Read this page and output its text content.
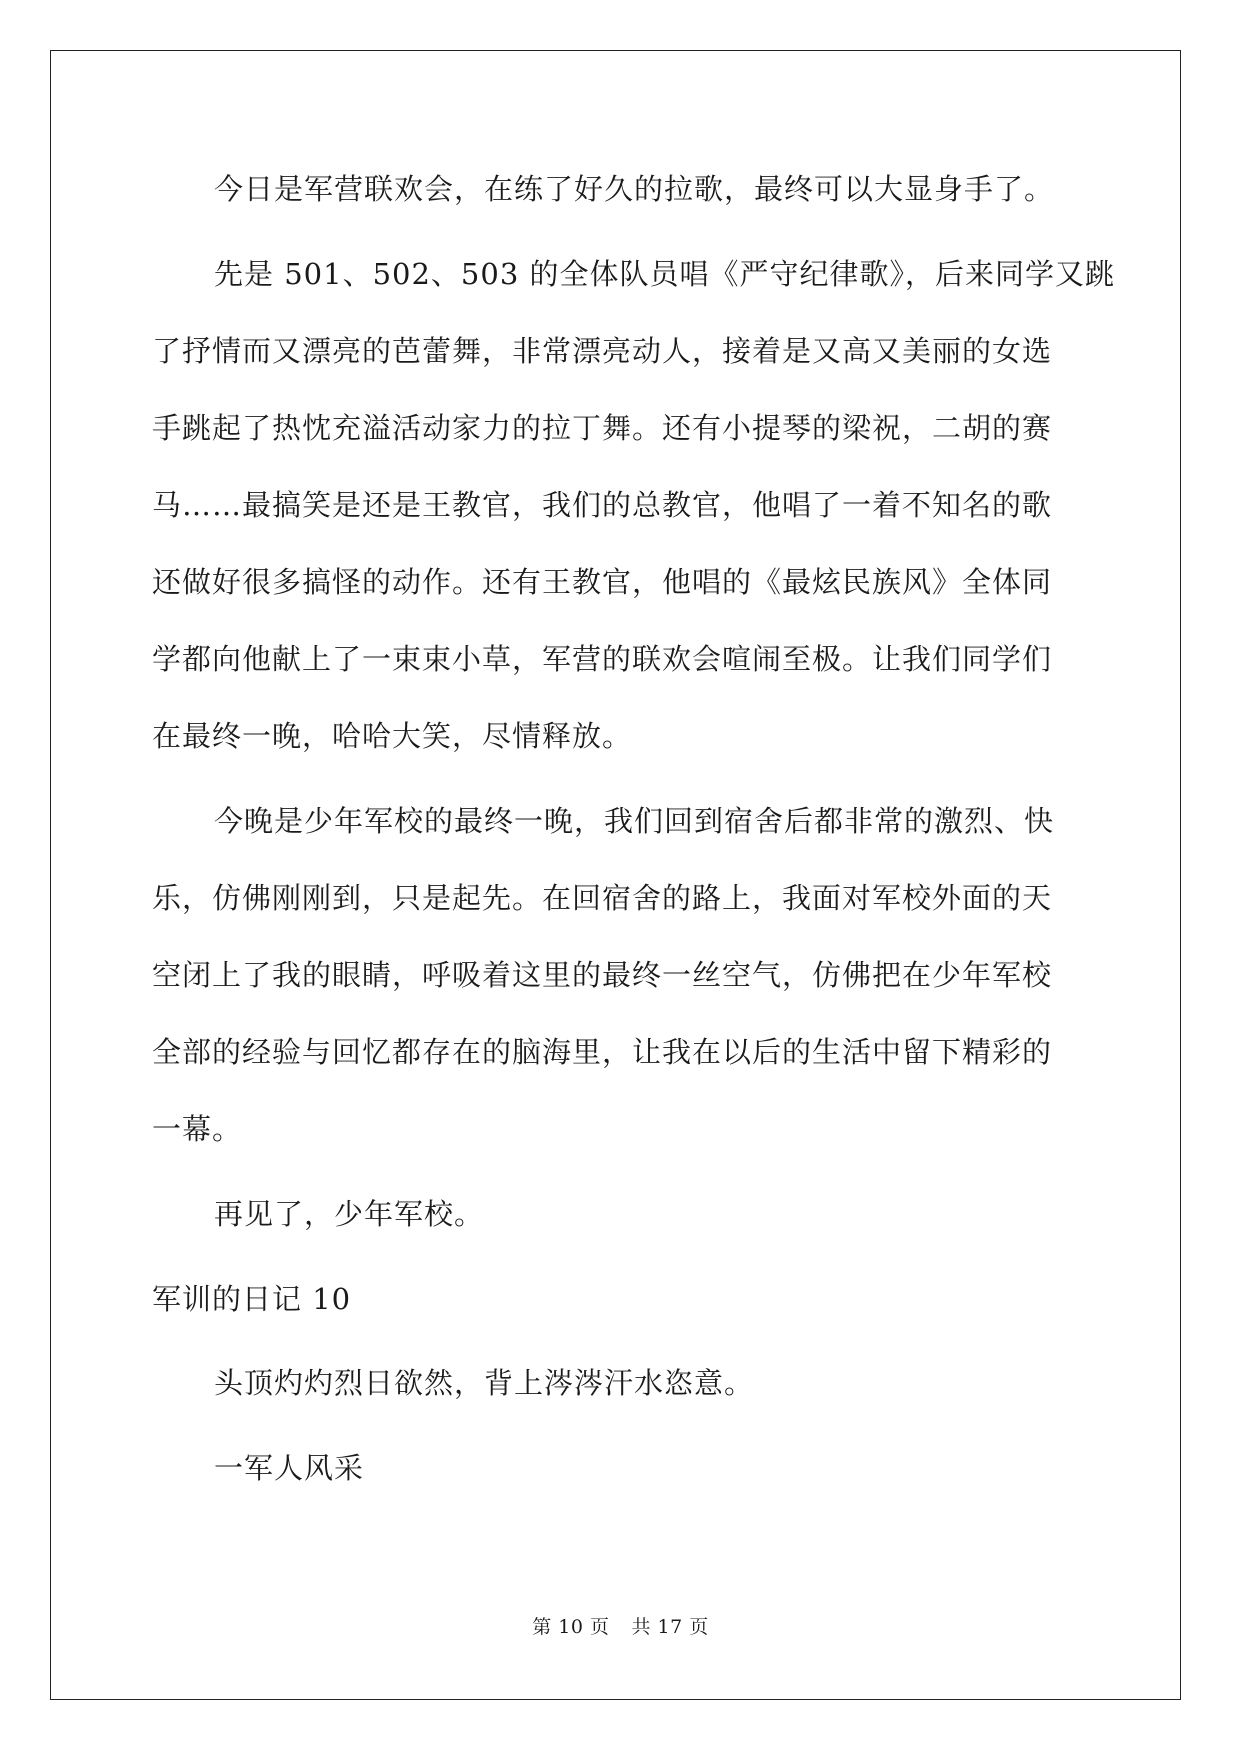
今日是军营联欢会，在练了好久的拉歌，最终可以大显身手了。
先是 501、502、503 的全体队员唱《严守纪律歌》，后来同学又跳
了抒情而又漂亮的芭蕾舞，非常漂亮动人，接着是又高又美丽的女选
手跳起了热忱充溢活动家力的拉丁舞。还有小提琴的梁祝，二胡的赛
马……最搞笑是还是王教官，我们的总教官，他唱了一着不知名的歌
还做好很多搞怪的动作。还有王教官，他唱的《最炫民族风》全体同
学都向他献上了一束束小草，军营的联欢会喧闹至极。让我们同学们
在最终一晚，哈哈大笑，尽情释放。
今晚是少年军校的最终一晚，我们回到宿舍后都非常的激烈、快
乐，仿佛刚刚到，只是起先。在回宿舍的路上，我面对军校外面的天
空闭上了我的眼睛，呼吸着这里的最终一丝空气，仿佛把在少年军校
全部的经验与回忆都存在的脑海里，让我在以后的生活中留下精彩的
一幕。
再见了，少年军校。
军训的日记 10
头顶灼灼烈日欲然，背上涔涔汗水恣意。
一军人风采
第 10 页 共 17 页
